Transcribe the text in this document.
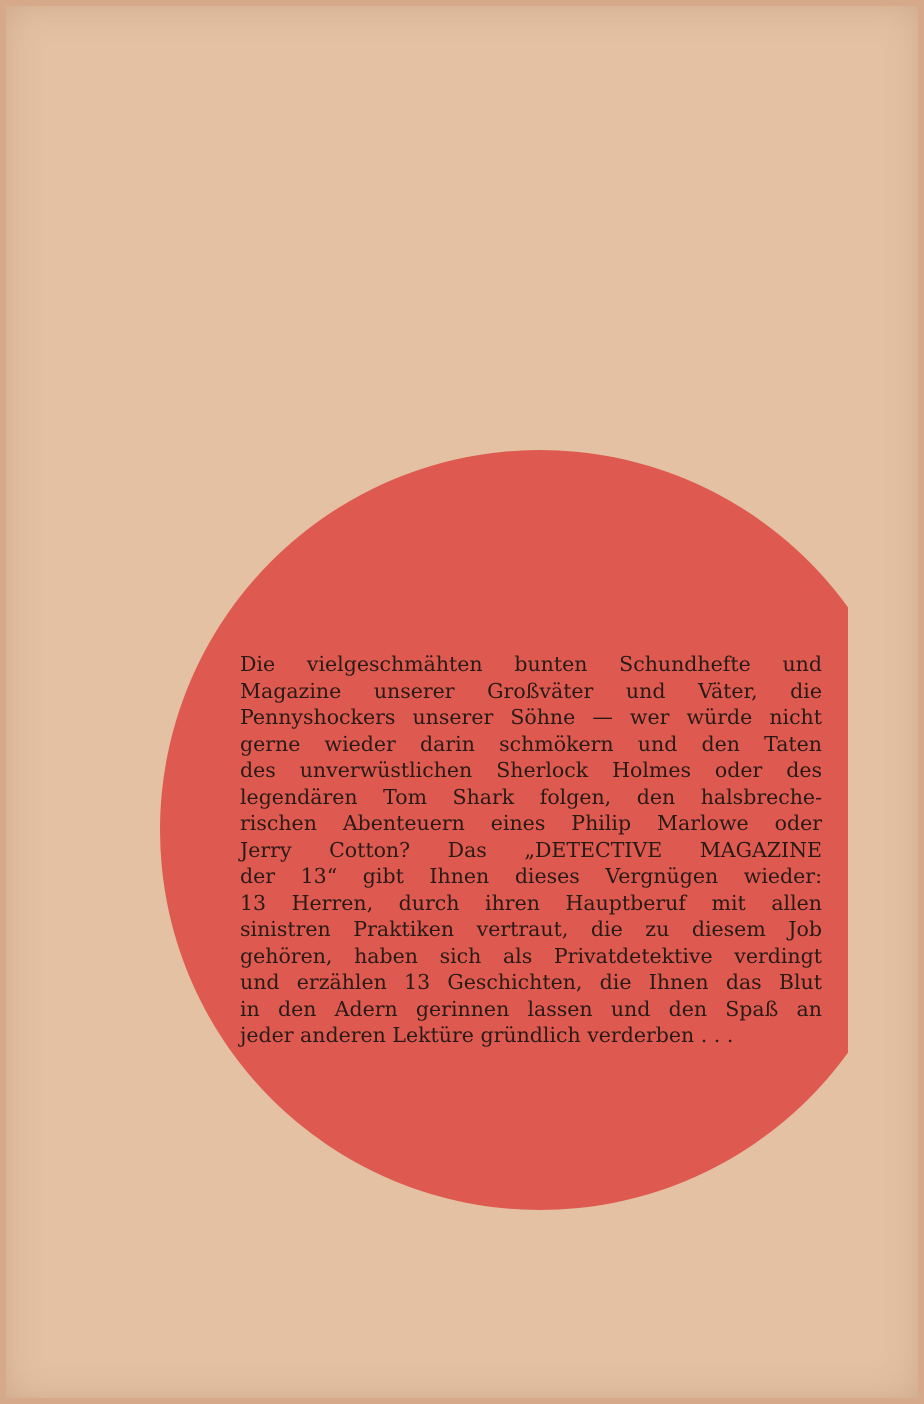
Die vielgeschmähten bunten Schundhefte und
Magazine unserer Großväter und Väter, die
Pennyshockers unserer Söhne — wer würde nicht
gerne wieder darin schmökern und den Taten
des unverwüstlichen Sherlock Holmes oder des
legendären Tom Shark folgen, den halsbreche-
rischen Abenteuern eines Philip Marlowe oder
Jerry Cotton? Das „DETECTIVE MAGAZINE
der 13“ gibt Ihnen dieses Vergnügen wieder:
13 Herren, durch ihren Hauptberuf mit allen
sinistren Praktiken vertraut, die zu diesem Job
gehören, haben sich als Privatdetektive verdingt
und erzählen 13 Geschichten, die Ihnen das Blut
in den Adern gerinnen lassen und den Spaß an
jeder anderen Lektüre gründlich verderben . . .
